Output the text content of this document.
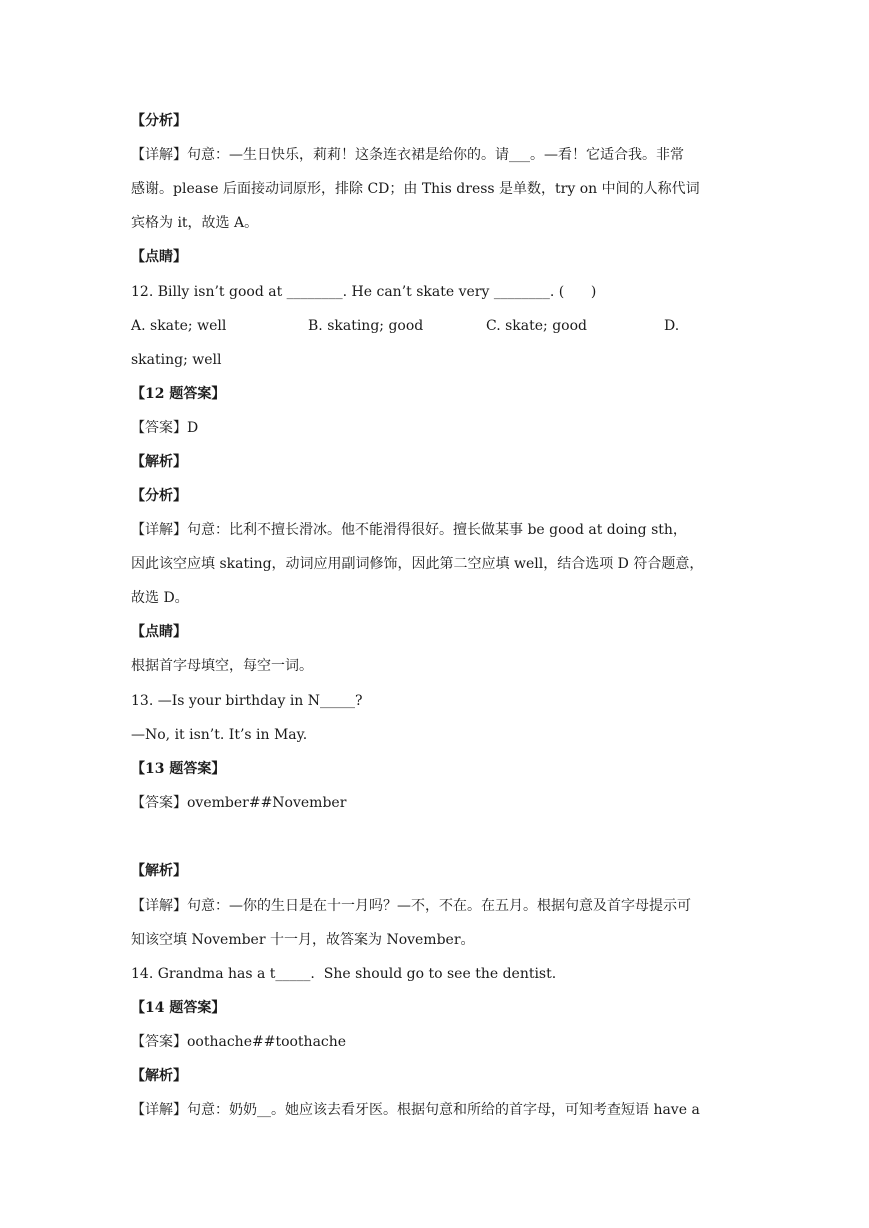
【分析】
【详解】句意：—生日快乐，莉莉！这条连衣裙是给你的。请___。—看！它适合我。非常
感谢。please 后面接动词原形，排除 CD；由 This dress 是单数，try on 中间的人称代词
宾格为 it，故选 A。
【点睛】
12. Billy isn’t good at ________. He can’t skate very ________. (      )
A. skate; well	B. skating; good	C. skate; good	D.
skating; well
【12 题答案】
【答案】D
【解析】
【分析】
【详解】句意：比利不擅长滑冰。他不能滑得很好。擅长做某事 be good at doing sth，
因此该空应填 skating，动词应用副词修饰，因此第二空应填 well，结合选项 D 符合题意，
故选 D。
【点睛】
根据首字母填空，每空一词。
13. —Is your birthday in N_____?
—No, it isn’t. It’s in May.
【13 题答案】
【答案】ovember##November
【解析】
【详解】句意：—你的生日是在十一月吗？—不，不在。在五月。根据句意及首字母提示可
知该空填 November 十一月，故答案为 November。
14. Grandma has a t_____.  She should go to see the dentist.
【14 题答案】
【答案】oothache##toothache
【解析】
【详解】句意：奶奶__。她应该去看牙医。根据句意和所给的首字母，可知考查短语 have a
